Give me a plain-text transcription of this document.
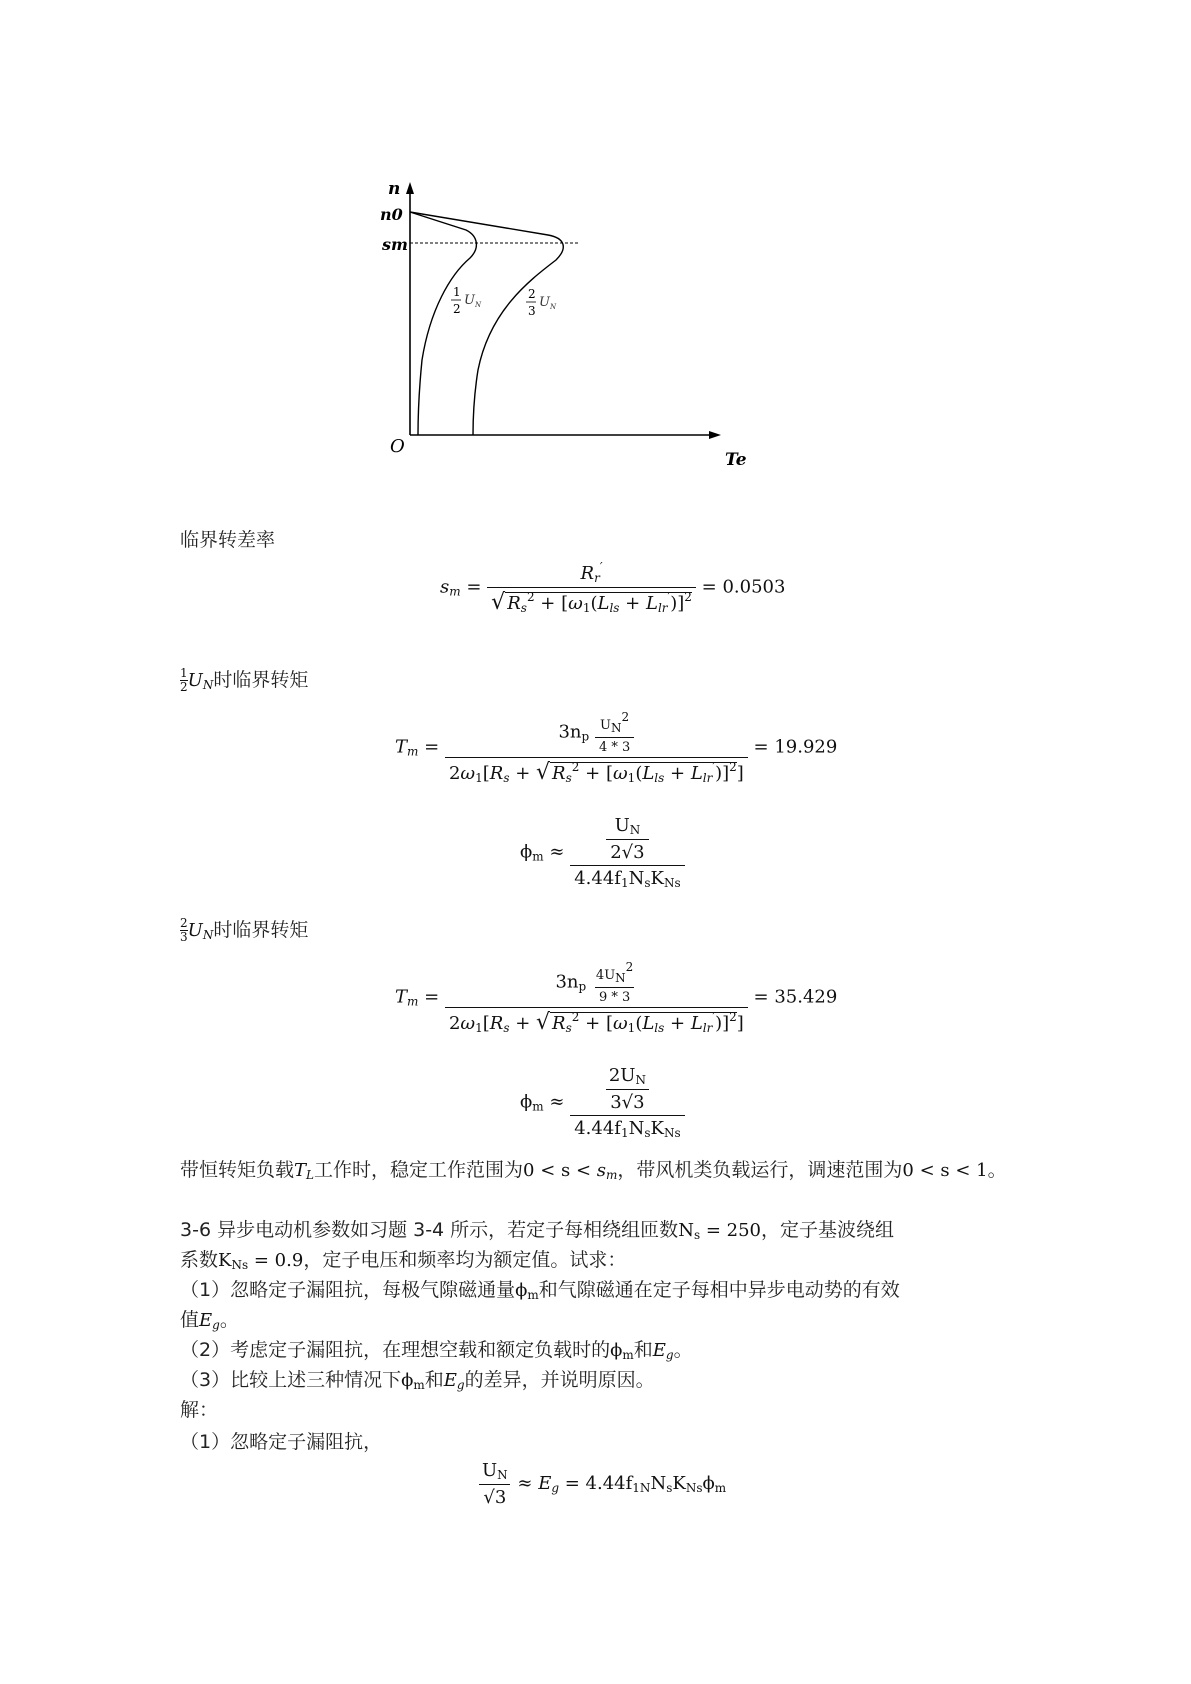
n
n0
sm
O
Te
1
2
U N
2
3
U N
临界转差率
$s_m = \frac{R_r'}{√ R_s^2 + [\omega_1(L_{ls} + L_{lr}')]^2} = 0.0503$
$\frac{1}{2} U_N$时临界转矩
$T_m = \frac{3n_p \frac{UN2}{4 * 3}}{2\omega_1[R_s + √ R_s^2 + [\omega_1(L_{ls} + L_{lr}')]^2]} = 19.929$
$\phi_m \approx \frac{\frac{U_N}{2√3}}{4.44f_1N_sK_{Ns}}$
$\frac{2}{3} U_N$时临界转矩
$T_m = \frac{3n_p \frac{4UN2}{9 * 3}}{2\omega_1[R_s + √ R_s^2 + [\omega_1(L_{ls} + L_{lr}')]^2]} = 35.429$
$\phi_m \approx \frac{\frac{2U_N}{3√3}}{4.44f_1N_sK_{Ns}}$
带恒转矩负载$T_L$工作时，稳定工作范围为$0 < s < s_m$，带风机类负载运行，调速范围为0 < s < 1。
3-6 异步电动机参数如习题 3-4 所示，若定子每相绕组匝数$N_s = 250$，定子基波绕组
系数$K_{Ns} = 0.9$，定子电压和频率均为额定值。试求：
（1）忽略定子漏阻抗，每极气隙磁通量$\phi_m$和气隙磁通在定子每相中异步电动势的有效
值$E_g$。
（2）考虑定子漏阻抗，在理想空载和额定负载时的$\phi_m$和$E_g$。
（3）比较上述三种情况下$\phi_m$和$E_g$的差异，并说明原因。
解：
（1）忽略定子漏阻抗，
$\frac{U_N}{√3} \approx E_g = 4.44f_{1N}N_sK_{Ns}\phi_m$
